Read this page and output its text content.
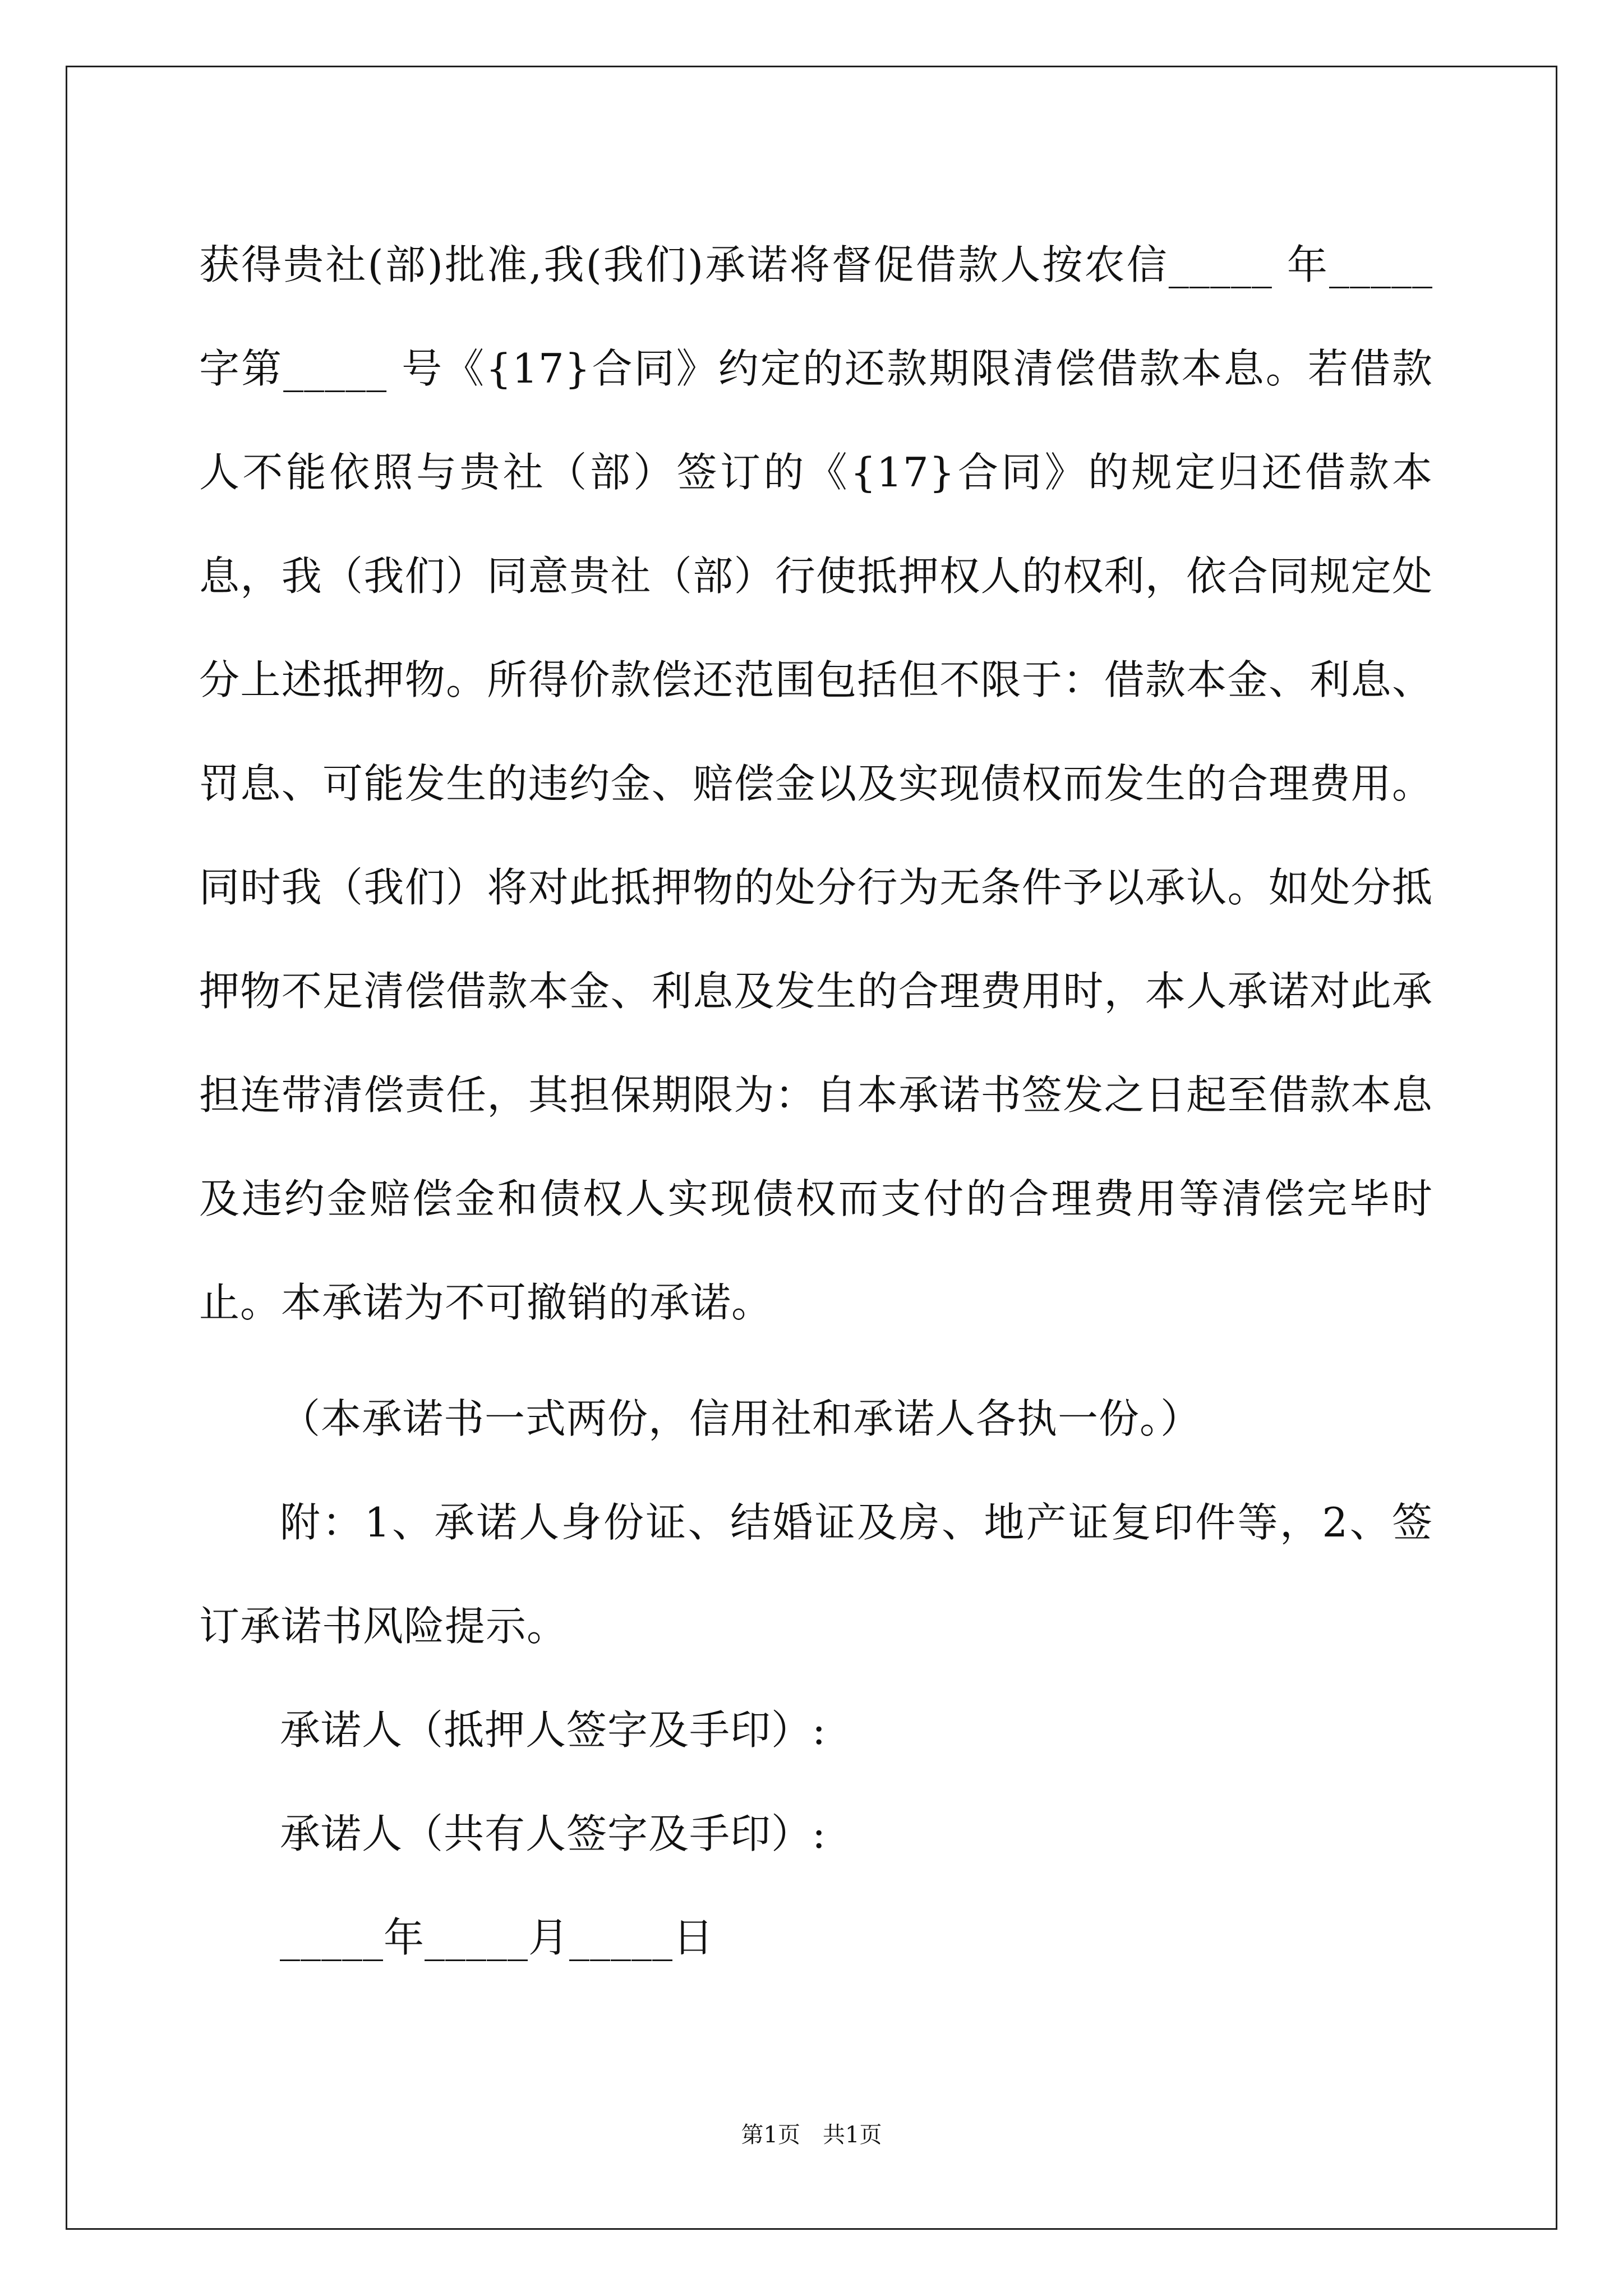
获得贵社(部)批准,我(我们)承诺将督促借款人按农信_____ 年_____字第_____ 号《{17}合同》约定的还款期限清偿借款本息。若借款人不能依照与贵社（部）签订的《{17}合同》的规定归还借款本息，我（我们）同意贵社（部）行使抵押权人的权利，依合同规定处分上述抵押物。所得价款偿还范围包括但不限于：借款本金、利息、罚息、可能发生的违约金、赔偿金以及实现债权而发生的合理费用。同时我（我们）将对此抵押物的处分行为无条件予以承认。如处分抵押物不足清偿借款本金、利息及发生的合理费用时，本人承诺对此承担连带清偿责任，其担保期限为：自本承诺书签发之日起至借款本息及违约金赔偿金和债权人实现债权而支付的合理费用等清偿完毕时止。本承诺为不可撤销的承诺。

（本承诺书一式两份，信用社和承诺人各执一份。）

附：1、承诺人身份证、结婚证及房、地产证复印件等，2、签订承诺书风险提示。

承诺人（抵押人签字及手印）:

承诺人（共有人签字及手印）:

_____年_____月_____日

第1页 共1页
